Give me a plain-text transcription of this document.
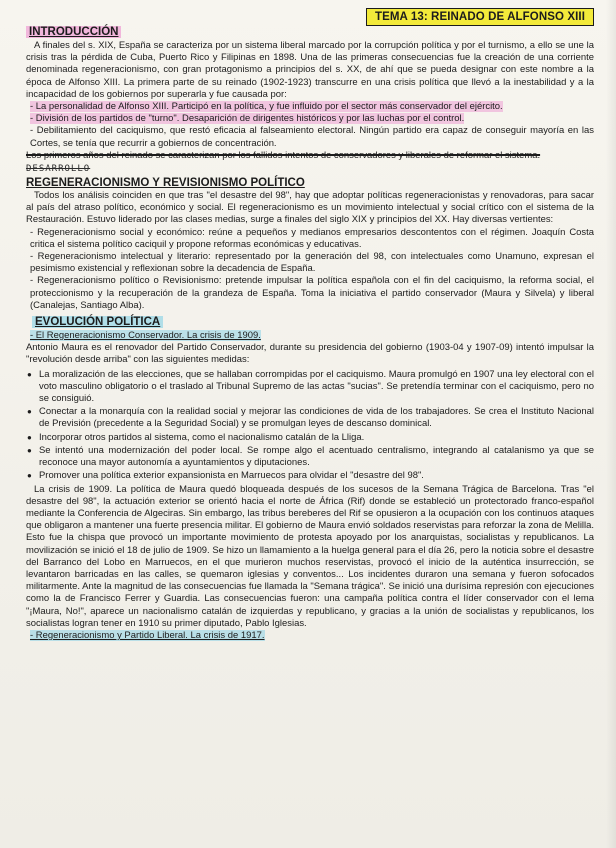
TEMA 13: REINADO DE ALFONSO XIII
INTRODUCCIÓN

A finales del s. XIX, España se caracteriza por un sistema liberal marcado por la corrupción política y por el turnismo, a ello se une la crisis tras la pérdida de Cuba, Puerto Rico y Filipinas en 1898. Una de las primeras consecuencias fue la creación de una corriente denominada regeneracionismo, con gran protagonismo a principios del s. XX, de ahí que se pueda designar con este nombre a la época de Alfonso XIII. La primera parte de su reinado (1902-1923) transcurre en una crisis política que llevó a la inestabilidad y a la incapacidad de los gobiernos por superarla y fue causada por:

- La personalidad de Alfonso XIII. Participó en la política, y fue influido por el sector más conservador del ejército.

- División de los partidos de "turno". Desaparición de dirigentes históricos y por las luchas por el control.

- Debilitamiento del caciquismo, que restó eficacia al falseamiento electoral. Ningún partido era capaz de conseguir mayoría en las Cortes, se tenía que recurrir a gobiernos de concentración.

Los primeros años del reinado se caracterizan por los fallidos intentos de conservadores y liberales de reformar el sistema.

DESARROLLO
REGENERACIONISMO Y REVISIONISMO POLÍTICO

Todos los análisis coinciden en que tras "el desastre del 98", hay que adoptar políticas regeneracionistas y renovadoras, para sacar al país del atraso político, económico y social. El regeneracionismo es un movimiento intelectual y social crítico con el sistema de la Restauración. Estuvo liderado por las clases medias, surge a finales del siglo XIX y principios del XX. Hay diversas vertientes:

- Regeneracionismo social y económico: reúne a pequeños y medianos empresarios descontentos con el régimen. Joaquín Costa critica el sistema político caciquil y propone reformas económicas y educativas.

- Regeneracionismo intelectual y literario: representado por la generación del 98, con intelectuales como Unamuno, expresan el pesimismo existencial y reflexionan sobre la decadencia de España.

- Regeneracionismo político o Revisionismo: pretende impulsar la política española con el fin del caciquismo, la reforma social, el proteccionismo y la recuperación de la grandeza de España. Toma la iniciativa el partido conservador (Maura y Silvela) y liberal (Canalejas, Santiago Alba).

EVOLUCIÓN POLÍTICA

- El Regeneracionismo Conservador. La crisis de 1909.

Antonio Maura es el renovador del Partido Conservador, durante su presidencia del gobierno (1903-04 y 1907-09) intentó impulsar la "revolución desde arriba" con las siguientes medidas:

● La moralización de las elecciones, que se hallaban corrompidas por el caciquismo. Maura promulgó en 1907 una ley electoral con el voto masculino obligatorio o el traslado al Tribunal Supremo de las actas "sucias". Se pretendía terminar con el caciquismo, pero no se consiguió.
● Conectar a la monarquía con la realidad social y mejorar las condiciones de vida de los trabajadores. Se crea el Instituto Nacional de Previsión (precedente a la Seguridad Social) y se promulgan leyes de descanso dominical.
● Incorporar otros partidos al sistema, como el nacionalismo catalán de la Lliga.
● Se intentó una modernización del poder local. Se rompe algo el acentuado centralismo, integrando al catalanismo ya que se reconoce una mayor autonomía a ayuntamientos y diputaciones.
● Promover una política exterior expansionista en Marruecos para olvidar el "desastre del 98".

La crisis de 1909. La política de Maura quedó bloqueada después de los sucesos de la Semana Trágica de Barcelona. Tras "el desastre del 98", la actuación exterior se orientó hacia el norte de África (Rif) donde se estableció un protectorado franco-español mediante la Conferencia de Algeciras. Sin embargo, las tribus bereberes del Rif se opusieron a la ocupación con los continuos ataques que obligaron a mantener una fuerte presencia militar. El gobierno de Maura envió soldados reservistas para reforzar la zona de Melilla. Esto fue la chispa que provocó un importante movimiento de protesta apoyado por los anarquistas, socialistas y republicanos. La movilización se inició el 18 de julio de 1909. Se hizo un llamamiento a la huelga general para el día 26, pero la noticia sobre el desastre del Barranco del Lobo en Marruecos, en el que murieron muchos reservistas, provocó el inicio de la auténtica insurrección, se levantaron barricadas en las calles, se quemaron iglesias y conventos... Los incidentes duraron una semana y fueron sofocados militarmente. Ante la magnitud de las consecuencias fue llamada la "Semana trágica". Se inició una durísima represión con ejecuciones como la de Francisco Ferrer y Guardia. Las consecuencias fueron: una campaña política contra el líder conservador con el lema "¡Maura, No!", aparece un nacionalismo catalán de izquierdas y republicano, y gracias a la unión de socialistas y republicanos, los socialistas logran tener en 1910 su primer diputado, Pablo Iglesias.

- Regeneracionismo y Partido Liberal. La crisis de 1917.
